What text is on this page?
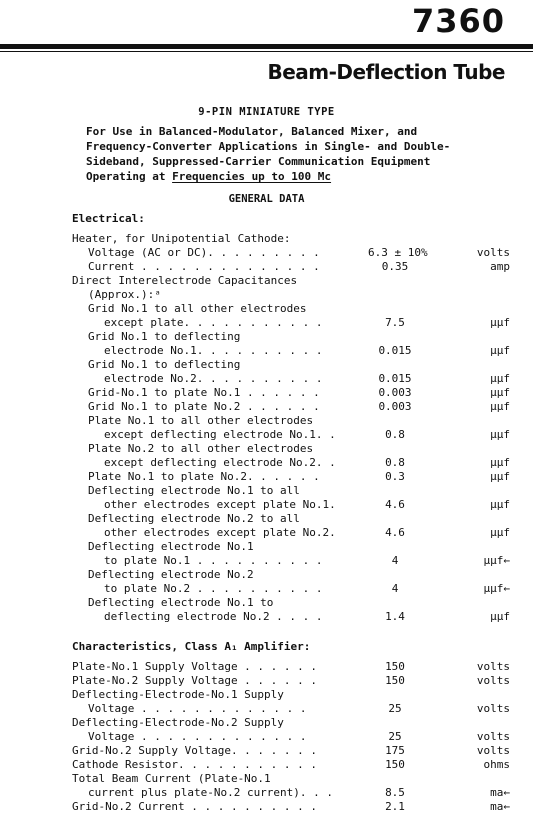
7360
Beam-Deflection Tube
9-PIN MINIATURE TYPE
For Use in Balanced-Modulator, Balanced Mixer, and
Frequency-Converter Applications in Single- and Double-
Sideband, Suppressed-Carrier Communication Equipment
Operating at Frequencies up to 100 Mc
GENERAL DATA
Electrical:
Heater, for Unipotential Cathode:
Voltage (AC or DC). . . . . . . . .	6.3 ± 10%	volts
Current . . . . . . . . . . . . . .	0.35	amp
Direct Interelectrode Capacitances
(Approx.):ᵃ
Grid No.1 to all other electrodes
except plate. . . . . . . . . . .	7.5	μμf
Grid No.1 to deflecting
electrode No.1. . . . . . . . . .	0.015	μμf
Grid No.1 to deflecting
electrode No.2. . . . . . . . . .	0.015	μμf
Grid-No.1 to plate No.1 . . . . . .	0.003	μμf
Grid No.1 to plate No.2 . . . . . .	0.003	μμf
Plate No.1 to all other electrodes
except deflecting electrode No.1. .	0.8	μμf
Plate No.2 to all other electrodes
except deflecting electrode No.2. .	0.8	μμf
Plate No.1 to plate No.2. . . . . .	0.3	μμf
Deflecting electrode No.1 to all
other electrodes except plate No.1.	4.6	μμf
Deflecting electrode No.2 to all
other electrodes except plate No.2.	4.6	μμf
Deflecting electrode No.1
to plate No.1 . . . . . . . . . .	4	μμf←
Deflecting electrode No.2
to plate No.2 . . . . . . . . . .	4	μμf←
Deflecting electrode No.1 to
deflecting electrode No.2 . . . .	1.4	μμf
Characteristics, Class A₁ Amplifier:
Plate-No.1 Supply Voltage . . . . . .	150	volts
Plate-No.2 Supply Voltage . . . . . .	150	volts
Deflecting-Electrode-No.1 Supply
Voltage . . . . . . . . . . . . .	25	volts
Deflecting-Electrode-No.2 Supply
Voltage . . . . . . . . . . . . .	25	volts
Grid-No.2 Supply Voltage. . . . . . .	175	volts
Cathode Resistor. . . . . . . . . . .	150	ohms
Total Beam Current (Plate-No.1
current plus plate-No.2 current). . .	8.5	ma←
Grid-No.2 Current . . . . . . . . . .	2.1	ma←
